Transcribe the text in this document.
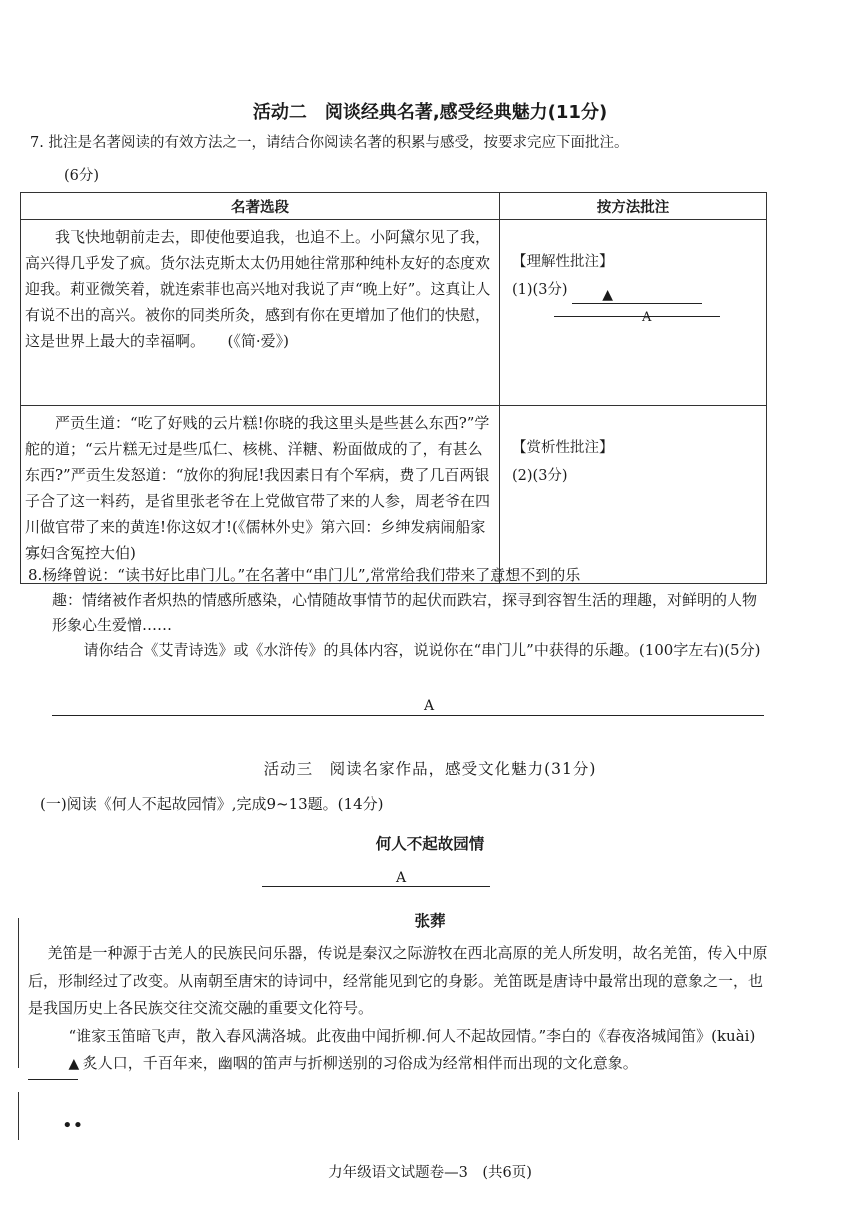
活动二　阅谈经典名著,感受经典魅力(11分)
7. 批注是名著阅读的有效方法之一，请结合你阅读名著的积累与感受，按要求完应下面批注。
(6分)
名著选段	按方法批注
我飞快地朝前走去，即使他要追我，也追不上。小阿黛尔见了我，高兴得几乎发了疯。货尔法克斯太太仍用她往常那种纯朴友好的态度欢迎我。莉亚微笑着，就连索菲也高兴地对我说了声“晚上好”。这真让人有说不出的高兴。被你的同类所灸，感到有你在更增加了他们的快慰，这是世界上最大的幸福啊。　　(《简·爱》)	【理解性批注】
(1)(3分) ▲
A

严贡生道：“吃了好贱的云片糕!你晓的我这里头是些甚么东西?”学舵的道；“云片糕无过是些瓜仁、核桃、洋糖、粉面做成的了，有甚么东西?”严贡生发怒道：“放你的狗屁!我因素日有个军病，费了几百两银子合了这一料药，是省里张老爷在上党做官带了来的人参，周老爷在四川做官带了来的黄连!你这奴才!(《儒林外史》第六回：乡绅发病闹船家寡妇含冤控大伯)	【赏析性批注】
(2)(3分)
8.杨绛曾说：“读书好比串门儿。”在名著中“串门儿”,常常给我们带来了意想不到的乐
趣：情绪被作者炽热的情感所感染，心情随故事情节的起伏而跌宕，探寻到容智生活的理趣，对鲜明的人物形象心生爱憎……
请你结合《艾青诗选》或《水浒传》的具体内容，说说你在“串门儿”中获得的乐趣。(100字左右)(5分)
A
活动三　阅读名家作品，感受文化魅力(31分)
(一)阅读《何人不起故园情》,完成9~13题。(14分)
何人不起故园情
A
张葬

羌笛是一种源于古羌人的民族民问乐器，传说是秦汉之际游牧在西北高原的羌人所发明，故名羌笛，传入中原后，形制经过了改变。从南朝至唐宋的诗词中，经常能见到它的身影。羌笛既是唐诗中最常出现的意象之一，也是我国历史上各民族交往交流交融的重要文化符号。

“谁家玉笛暗飞声，散入春风满洛城。此夜曲中闻折柳.何人不起故园情。”李白的《春夜洛城闻笛》(kuài) ▲ 炙人口，千百年来，幽咽的笛声与折柳送别的习俗成为经常相伴而出现的文化意象。

••
力年级语文试题卷—3　(共6页)
